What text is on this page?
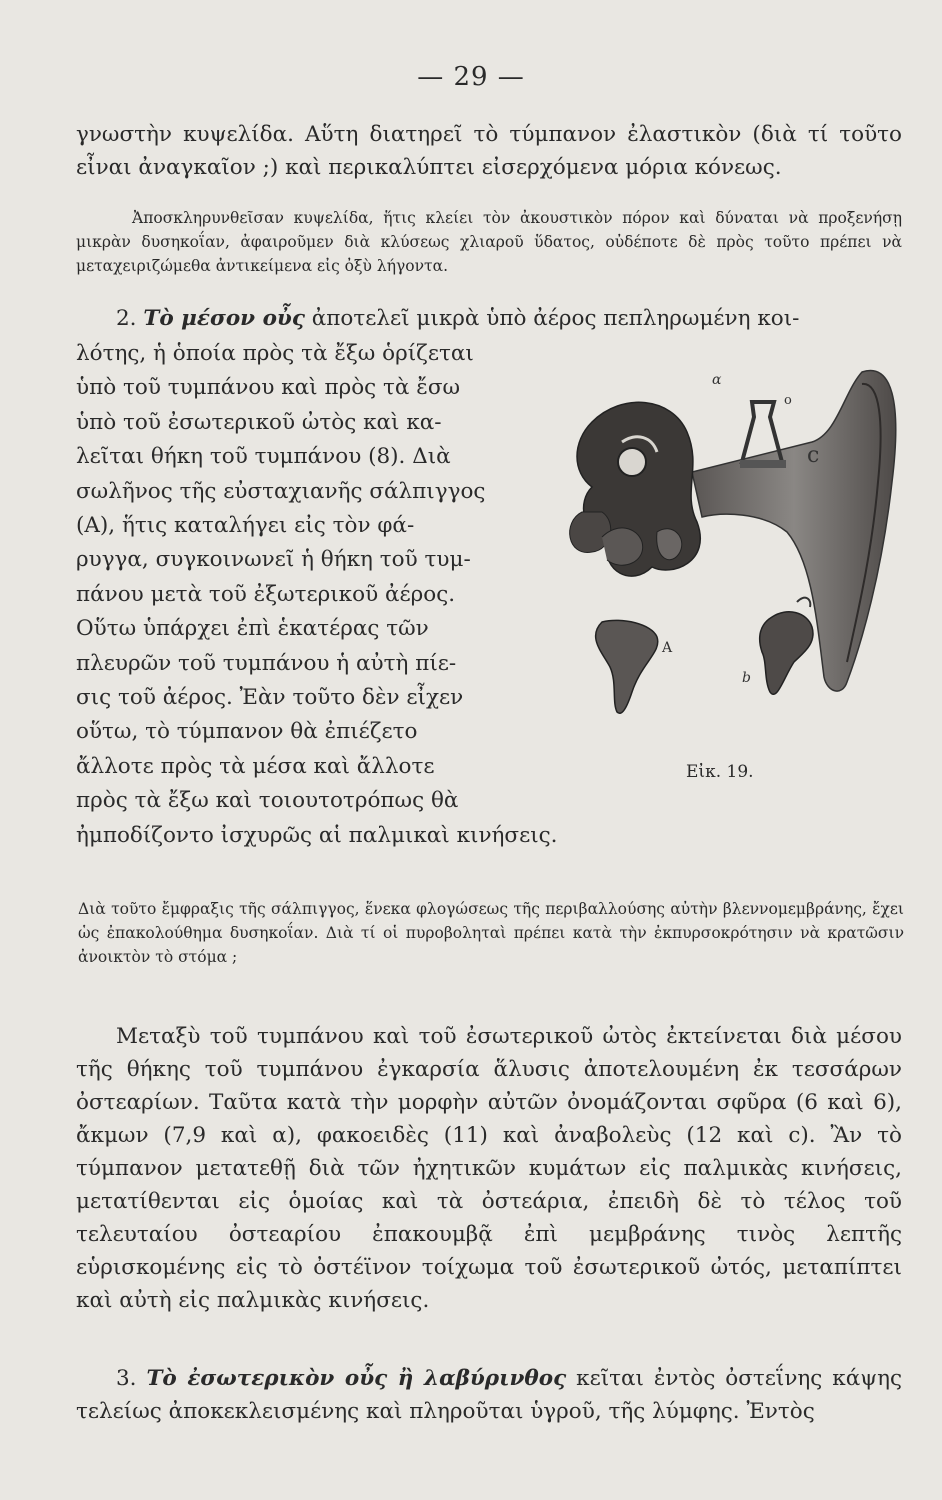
— 29 —
γνωστὴν κυψελίδα. Αὕτη διατηρεῖ τὸ τύμπανον ἐλαστικὸν (διὰ τί τοῦτο εἶναι ἀναγκαῖον ;) καὶ περικαλύπτει εἰσερχόμενα μόρια κόνεως.
Ἀποσκληρυνθεῖσαν κυψελίδα, ἥτις κλείει τὸν ἀκουστικὸν πόρον καὶ δύναται νὰ προξενήσῃ μικρὰν δυσηκοΐαν, ἀφαιροῦμεν διὰ κλύσεως χλιαροῦ ὕδατος, οὐδέποτε δὲ πρὸς τοῦτο πρέπει νὰ μεταχειριζώμεθα ἀντικείμενα εἰς ὀξὺ λήγοντα.
2. Τὸ μέσον οὖς ἀποτελεῖ μικρὰ ὑπὸ ἀέρος πεπληρωμένη κοι-
λότης, ἡ ὁποία πρὸς τὰ ἔξω ὁρίζεται
ὑπὸ τοῦ τυμπάνου καὶ πρὸς τὰ ἔσω
ὑπὸ τοῦ ἐσωτερικοῦ ὠτὸς καὶ κα-
λεῖται θήκη τοῦ τυμπάνου (8). Διὰ
σωλῆνος τῆς εὐσταχιανῆς σάλπιγγος
(Α), ἥτις καταλήγει εἰς τὸν φά-
ρυγγα, συγκοινωνεῖ ἡ θήκη τοῦ τυμ-
πάνου μετὰ τοῦ ἐξωτερικοῦ ἀέρος.
Οὕτω ὑπάρχει ἐπὶ ἑκατέρας τῶν
πλευρῶν τοῦ τυμπάνου ἡ αὐτὴ πίε-
σις τοῦ ἀέρος. Ἐὰν τοῦτο δὲν εἶχεν
οὕτω, τὸ τύμπανον θὰ ἐπιέζετο
ἄλλοτε πρὸς τὰ μέσα καὶ ἄλλοτε
πρὸς τὰ ἔξω καὶ τοιουτοτρόπως θὰ
ἠμποδίζοντο ἰσχυρῶς αἱ παλμικαὶ κινήσεις.
α
c
b
A
o
Εἰκ. 19.
Διὰ τοῦτο ἔμφραξις τῆς σάλπιγγος, ἕνεκα φλογώσεως τῆς περιβαλλούσης αὐτὴν βλεννομεμβράνης, ἔχει ὡς ἐπακολούθημα δυσηκοΐαν. Διὰ τί οἱ πυροβοληταὶ πρέπει κατὰ τὴν ἐκπυρσοκρότησιν νὰ κρατῶσιν ἀνοικτὸν τὸ στόμα ;
Μεταξὺ τοῦ τυμπάνου καὶ τοῦ ἐσωτερικοῦ ὠτὸς ἐκτείνεται διὰ μέσου τῆς θήκης τοῦ τυμπάνου ἐγκαρσία ἅλυσις ἀποτελουμένη ἐκ τεσσάρων ὀστεαρίων. Ταῦτα κατὰ τὴν μορφὴν αὐτῶν ὀνομάζονται σφῦρα (6 καὶ 6), ἄκμων (7,9 καὶ α), φακοειδὲς (11) καὶ ἀναβολεὺς (12 καὶ c). Ἂν τὸ τύμπανον μετατεθῇ διὰ τῶν ἠχητικῶν κυμάτων εἰς παλμικὰς κινήσεις, μετατίθενται εἰς ὁμοίας καὶ τὰ ὀστεάρια, ἐπειδὴ δὲ τὸ τέλος τοῦ τελευταίου ὀστεαρίου ἐπακουμβᾷ ἐπὶ μεμβράνης τινὸς λεπτῆς εὑρισκομένης εἰς τὸ ὀστέϊνον τοίχωμα τοῦ ἐσωτερικοῦ ὠτός, μεταπίπτει καὶ αὐτὴ εἰς παλμικὰς κινήσεις.
3. Τὸ ἐσωτερικὸν οὖς ἢ λαβύρινθος κεῖται ἐντὸς ὀστεΐνης κάψης τελείως ἀποκεκλεισμένης καὶ πληροῦται ὑγροῦ, τῆς λύμφης. Ἐντὸς
